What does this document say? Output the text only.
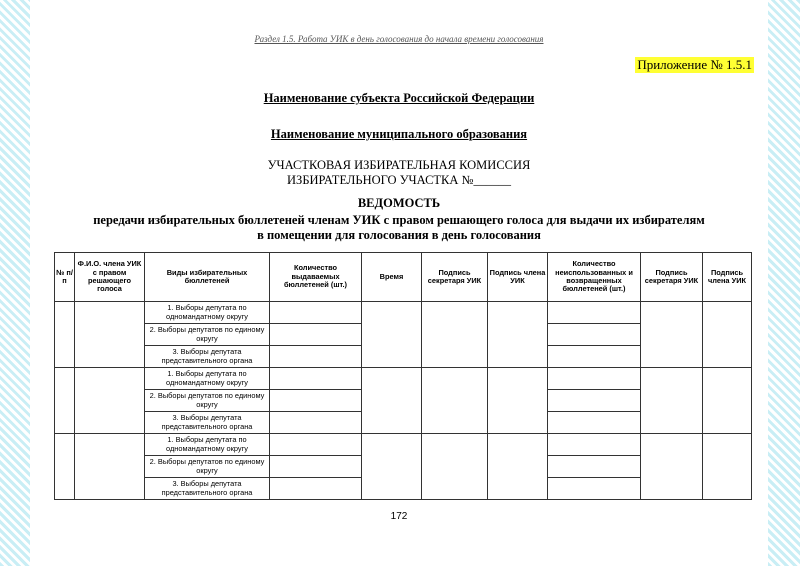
Раздел 1.5. Работа УИК в день голосования до начала времени голосования
Приложение № 1.5.1
Наименование субъекта Российской Федерации
Наименование муниципального образования
УЧАСТКОВАЯ ИЗБИРАТЕЛЬНАЯ КОМИССИЯ
ИЗБИРАТЕЛЬНОГО УЧАСТКА №______
ВЕДОМОСТЬ
передачи избирательных бюллетеней членам УИК с правом решающего голоса для выдачи их избирателям
в помещении для голосования в день голосования
№ п/п	Ф.И.О. члена УИК с правом решающего голоса	Виды избирательных бюллетеней	Количество выдаваемых бюллетеней (шт.)	Время	Подпись секретаря УИК	Подпись члена УИК	Количество неиспользованных и возвращенных бюллетеней (шт.)	Подпись секретаря УИК	Подпись члена УИК
		1. Выборы депутата по одномандатному округу							
		2. Выборы депутатов по единому округу							
		3. Выборы депутата представительного органа							
		1. Выборы депутата по одномандатному округу							
		2. Выборы депутатов по единому округу							
		3. Выборы депутата представительного органа							
		1. Выборы депутата по одномандатному округу							
		2. Выборы депутатов по единому округу							
		3. Выборы депутата представительного органа							
172
